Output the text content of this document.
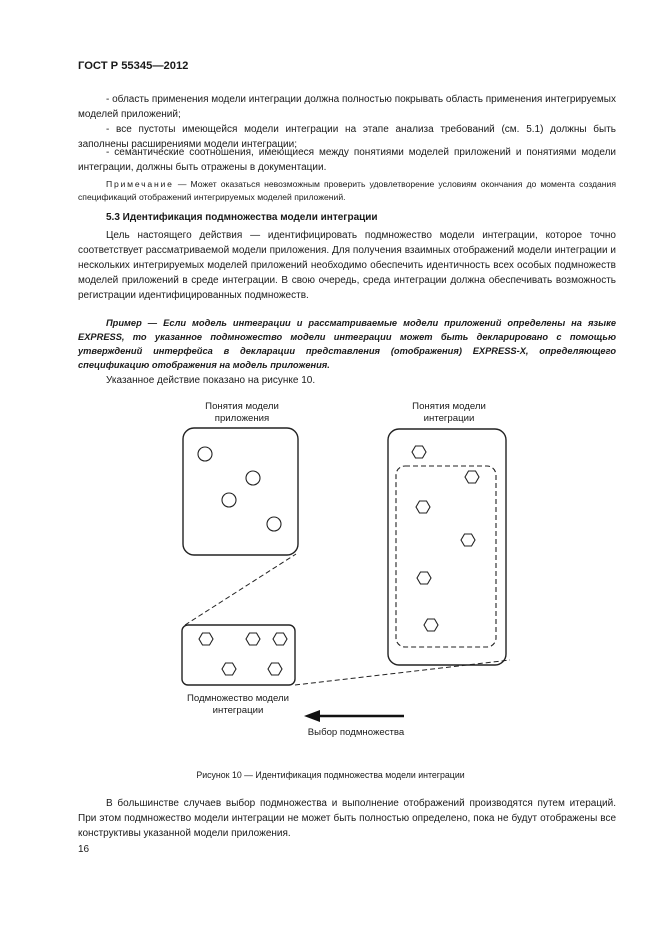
ГОСТ Р 55345—2012
- область применения модели интеграции должна полностью покрывать область применения интегрируемых моделей приложений;
- все пустоты имеющейся модели интеграции на этапе анализа требований (см. 5.1) должны быть заполнены расширениями модели интеграции;
- семантические соотношения, имеющиеся между понятиями моделей приложений и понятиями модели интеграции, должны быть отражены в документации.
Примечание — Может оказаться невозможным проверить удовлетворение условиям окончания до момента создания спецификаций отображений интегрируемых моделей приложений.
5.3 Идентификация подмножества модели интеграции
Цель настоящего действия — идентифицировать подмножество модели интеграции, которое точно соответствует рассматриваемой модели приложения. Для получения взаимных отображений модели интеграции и нескольких интегрируемых моделей приложений необходимо обеспечить идентичность всех особых подмножеств моделей приложений в среде интеграции. В свою очередь, среда интеграции должна обеспечивать возможность регистрации идентифицированных подмножеств.
Пример — Если модель интеграции и рассматриваемые модели приложений определены на языке EXPRESS, то указанное подмножество модели интеграции может быть декларировано с помощью утверждений интерфейса в декларации представления (отображения) EXPRESS-X, определяющего спецификацию отображения на модель приложения.
Указанное действие показано на рисунке 10.
Понятия модели приложения
Понятия модели интеграции
Подмножество модели интеграции
Выбор подмножества
Рисунок 10 — Идентификация подмножества модели интеграции
В большинстве случаев выбор подмножества и выполнение отображений производятся путем итераций. При этом подмножество модели интеграции не может быть полностью определено, пока не будут отображены все конструктивы указанной модели приложения.
16
